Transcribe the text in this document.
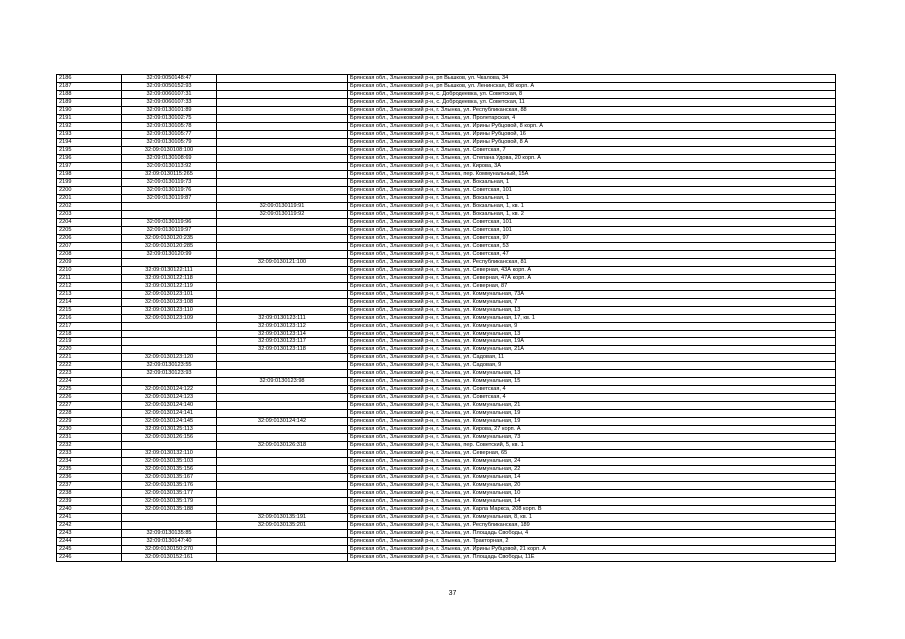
2186	32:09:0050148:47		Брянская обл., Злынковский р-н, рп Вышков, ул. Чкалова, 34
2187	32:09:0050152:93		Брянская обл., Злынковский р-н, рп Вышков, ул. Ленинская, 88 корп. А
2188	32:09:0060107:31		Брянская обл., Злынковский р-н, с. Добродеевка, ул. Советская, 8
2189	32:09:0060107:33		Брянская обл., Злынковский р-н, с. Добродеевка, ул. Советская, 11
2190	32:09:0130101:89		Брянская обл., Злынковский р-н, г. Злынка, ул. Республиканская, 88
2191	32:09:0130102:75		Брянская обл., Злынковский р-н, г. Злынка, ул. Пролетарская, 4
2192	32:09:0130105:78		Брянская обл., Злынковский р-н, г. Злынка, ул. Ирины Рубцовой, 8 корп. А
2193	32:09:0130105:77		Брянская обл., Злынковский р-н, г. Злынка, ул. Ирины Рубцовой, 16
2194	32:09:0130105:79		Брянская обл., Злынковский р-н, г. Злынка, ул. Ирины Рубцовой, 8 А
2195	32:09:0130108:100		Брянская обл., Злынковский р-н, г. Злынка, ул. Советская, 7
2196	32:09:0130108:69		Брянская обл., Злынковский р-н, г. Злынка, ул. Степана Удова, 20 корп. А
2197	32:09:0130113:92		Брянская обл., Злынковский р-н, г. Злынка, ул. Кирова, 3А
2198	32:09:0130115:265		Брянская обл., Злынковский р-н, г. Злынка, пер. Коммунальный, 15А
2199	32:09:0130119:73		Брянская обл., Злынковский р-н, г. Злынка, ул. Вокзальная, 1
2200	32:09:0130119:76		Брянская обл., Злынковский р-н, г. Злынка, ул. Советская, 101
2201	32:09:0130119:87		Брянская обл., Злынковский р-н, г. Злынка, ул. Вокзальная, 1
2202		32:09:0130119:91	Брянская обл., Злынковский р-н, г. Злынка, ул. Вокзальная, 1, кв. 1
2203		32:09:0130119:92	Брянская обл., Злынковский р-н, г. Злынка, ул. Вокзальная, 1, кв. 2
2204	32:09:0130119:96		Брянская обл., Злынковский р-н, г. Злынка, ул. Советская, 101
2205	32:09:0130119:97		Брянская обл., Злынковский р-н, г. Злынка, ул. Советская, 101
2206	32:09:0130120:235		Брянская обл., Злынковский р-н, г. Злынка, ул. Советская, 97
2207	32:09:0130120:285		Брянская обл., Злынковский р-н, г. Злынка, ул. Советская, 53
2208	32:09:0130120:99		Брянская обл., Злынковский р-н, г. Злынка, ул. Советская, 47
2209		32:09:0130121:100	Брянская обл., Злынковский р-н, г. Злынка, ул. Республиканская, 81
2210	32:09:0130122:111		Брянская обл., Злынковский р-н, г. Злынка, ул. Северная, 43А корп. А
2211	32:09:0130122:118		Брянская обл., Злынковский р-н, г. Злынка, ул. Северная, 47А корп. А
2212	32:09:0130122:119		Брянская обл., Злынковский р-н, г. Злынка, ул. Северная, 87
2213	32:09:0130123:101		Брянская обл., Злынковский р-н, г. Злынка, ул. Коммунальная, 73А
2214	32:09:0130123:108		Брянская обл., Злынковский р-н, г. Злынка, ул. Коммунальная, 7
2215	32:09:0130123:110		Брянская обл., Злынковский р-н, г. Злынка, ул. Коммунальная, 13
2216	32:09:0130123:109	32:09:0130123:111	Брянская обл., Злынковский р-н, г. Злынка, ул. Коммунальная, 17, кв. 1
2217		32:09:0130123:112	Брянская обл., Злынковский р-н, г. Злынка, ул. Коммунальная, 9
2218		32:09:0130123:114	Брянская обл., Злынковский р-н, г. Злынка, ул. Коммунальная, 13
2219		32:09:0130123:117	Брянская обл., Злынковский р-н, г. Злынка, ул. Коммунальная, 19А
2220		32:09:0130123:118	Брянская обл., Злынковский р-н, г. Злынка, ул. Коммунальная, 21А
2221	32:09:0130123:120		Брянская обл., Злынковский р-н, г. Злынка, ул. Садовая, 11
2222	32:09:0130123:55		Брянская обл., Злынковский р-н, г. Злынка, ул. Садовая, 9
2223	32:09:0130123:93		Брянская обл., Злынковский р-н, г. Злынка, ул. Коммунальная, 13
2224		32:09:0130123:98	Брянская обл., Злынковский р-н, г. Злынка, ул. Коммунальная, 15
2225	32:09:0130124:122		Брянская обл., Злынковский р-н, г. Злынка, ул. Советская, 4
2226	32:09:0130124:123		Брянская обл., Злынковский р-н, г. Злынка, ул. Советская, 4
2227	32:09:0130124:140		Брянская обл., Злынковский р-н, г. Злынка, ул. Коммунальная, 21
2228	32:09:0130124:141		Брянская обл., Злынковский р-н, г. Злынка, ул. Коммунальная, 19
2229	32:09:0130124:145	32:09:0130124:142	Брянская обл., Злынковский р-н, г. Злынка, ул. Коммунальная, 19
2230	32:09:0130125:113		Брянская обл., Злынковский р-н, г. Злынка, ул. Кирова, 27 корп. А
2231	32:09:0130126:156		Брянская обл., Злынковский р-н, г. Злынка, ул. Коммунальная, 73
2232		32:09:0130126:318	Брянская обл., Злынковский р-н, г. Злынка, пер. Советский, 5, кв. 1
2233	32:09:0130132:110		Брянская обл., Злынковский р-н, г. Злынка, ул. Северная, 65
2234	32:09:0130135:103		Брянская обл., Злынковский р-н, г. Злынка, ул. Коммунальная, 24
2235	32:09:0130135:156		Брянская обл., Злынковский р-н, г. Злынка, ул. Коммунальная, 22
2236	32:09:0130135:167		Брянская обл., Злынковский р-н, г. Злынка, ул. Коммунальная, 14
2237	32:09:0130135:176		Брянская обл., Злынковский р-н, г. Злынка, ул. Коммунальная, 20
2238	32:09:0130135:177		Брянская обл., Злынковский р-н, г. Злынка, ул. Коммунальная, 10
2239	32:09:0130135:179		Брянская обл., Злынковский р-н, г. Злынка, ул. Коммунальная, 14
2240	32:09:0130135:188		Брянская обл., Злынковский р-н, г. Злынка, ул. Карла Маркса, 208 корп. В
2241		32:09:0130135:191	Брянская обл., Злынковский р-н, г. Злынка, ул. Коммунальная, 8, кв. 1
2242		32:09:0130135:201	Брянская обл., Злынковский р-н, г. Злынка, ул. Республиканская, 189
2243	32:09:0130135:85		Брянская обл., Злынковский р-н, г. Злынка, ул. Площадь Свободы, 4
2244	32:09:0130147:40		Брянская обл., Злынковский р-н, г. Злынка, ул. Тракторная, 2
2245	32:09:0130150:270		Брянская обл., Злынковский р-н, г. Злынка, ул. Ирины Рубцовой, 21 корп. А
2246	32:09:0130152:161		Брянская обл., Злынковский р-н, г. Злынка, ул. Площадь Свободы, 11Е
37
